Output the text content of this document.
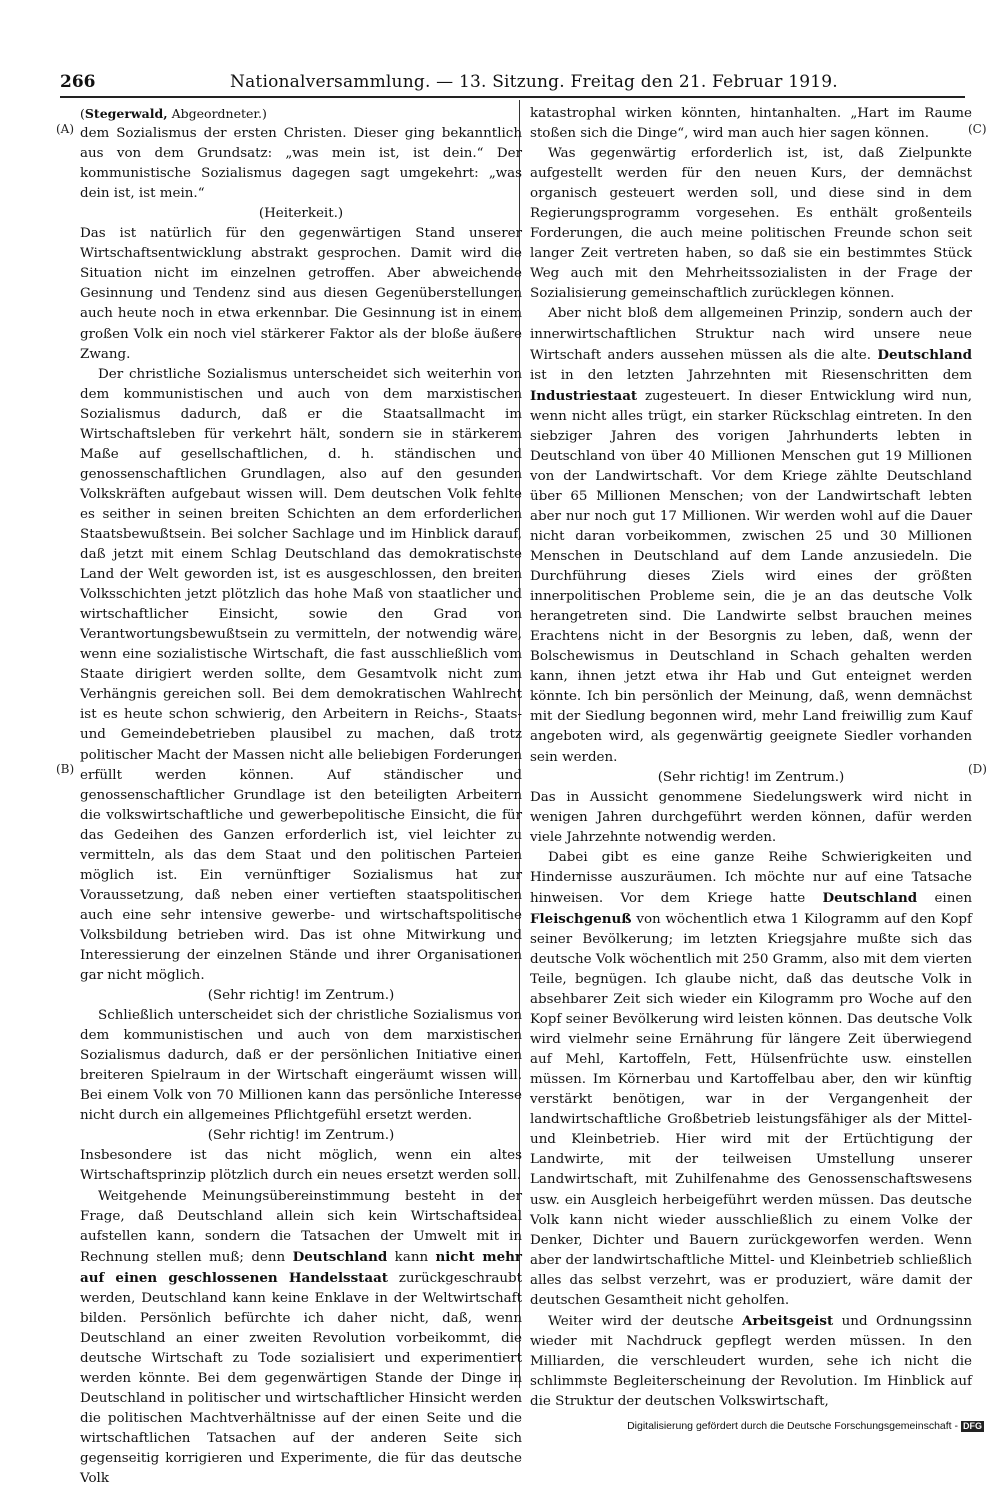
266	Nationalversammlung. — 13. Sitzung. Freitag den 21. Februar 1919.
(A)
(B)
(C)
(D)

(Stegerwald, Abgeordneter.)

dem Sozialismus der ersten Christen. Dieser ging bekanntlich aus von dem Grundsatz: „was mein ist, ist dein.“ Der kommunistische Sozialismus dagegen sagt umgekehrt: „was dein ist, ist mein.“

(Heiterkeit.)

Das ist natürlich für den gegenwärtigen Stand unserer Wirtschaftsentwicklung abstrakt gesprochen. Damit wird die Situation nicht im einzelnen getroffen. Aber abweichende Gesinnung und Tendenz sind aus diesen Gegenüberstellungen auch heute noch in etwa erkennbar. Die Gesinnung ist in einem großen Volk ein noch viel stärkerer Faktor als der bloße äußere Zwang.

Der christliche Sozialismus unterscheidet sich weiterhin von dem kommunistischen und auch von dem marxistischen Sozialismus dadurch, daß er die Staatsallmacht im Wirtschaftsleben für verkehrt hält, sondern sie in stärkerem Maße auf gesellschaftlichen, d. h. ständischen und genossenschaftlichen Grundlagen, also auf den gesunden Volkskräften aufgebaut wissen will. Dem deutschen Volk fehlte es seither in seinen breiten Schichten an dem erforderlichen Staatsbewußtsein. Bei solcher Sachlage und im Hinblick darauf, daß jetzt mit einem Schlag Deutschland das demokratischste Land der Welt geworden ist, ist es ausgeschlossen, den breiten Volksschichten jetzt plötzlich das hohe Maß von staatlicher und wirtschaftlicher Einsicht, sowie den Grad von Verantwortungsbewußtsein zu vermitteln, der notwendig wäre, wenn eine sozialistische Wirtschaft, die fast ausschließlich vom Staate dirigiert werden sollte, dem Gesamtvolk nicht zum Verhängnis gereichen soll. Bei dem demokratischen Wahlrecht ist es heute schon schwierig, den Arbeitern in Reichs-, Staats- und Gemeindebetrieben plausibel zu machen, daß trotz politischer Macht der Massen nicht alle beliebigen Forderungen erfüllt werden können. Auf ständischer und genossenschaftlicher Grundlage ist den beteiligten Arbeitern die volkswirtschaftliche und gewerbepolitische Einsicht, die für das Gedeihen des Ganzen erforderlich ist, viel leichter zu vermitteln, als das dem Staat und den politischen Parteien möglich ist. Ein vernünftiger Sozialismus hat zur Voraussetzung, daß neben einer vertieften staatspolitischen auch eine sehr intensive gewerbe- und wirtschaftspolitische Volksbildung betrieben wird. Das ist ohne Mitwirkung und Interessierung der einzelnen Stände und ihrer Organisationen gar nicht möglich.

(Sehr richtig! im Zentrum.)

Schließlich unterscheidet sich der christliche Sozialismus von dem kommunistischen und auch von dem marxistischen Sozialismus dadurch, daß er der persönlichen Initiative einen breiteren Spielraum in der Wirtschaft eingeräumt wissen will. Bei einem Volk von 70 Millionen kann das persönliche Interesse nicht durch ein allgemeines Pflichtgefühl ersetzt werden.

(Sehr richtig! im Zentrum.)

Insbesondere ist das nicht möglich, wenn ein altes Wirtschaftsprinzip plötzlich durch ein neues ersetzt werden soll.

Weitgehende Meinungsübereinstimmung besteht in der Frage, daß Deutschland allein sich kein Wirtschaftsideal aufstellen kann, sondern die Tatsachen der Umwelt mit in Rechnung stellen muß; denn Deutschland kann nicht mehr auf einen geschlossenen Handelsstaat zurückgeschraubt werden, Deutschland kann keine Enklave in der Weltwirtschaft bilden. Persönlich befürchte ich daher nicht, daß, wenn Deutschland an einer zweiten Revolution vorbeikommt, die deutsche Wirtschaft zu Tode sozialisiert und experimentiert werden könnte. Bei dem gegenwärtigen Stande der Dinge in Deutschland in politischer und wirtschaftlicher Hinsicht werden die politischen Machtverhältnisse auf der einen Seite und die wirtschaftlichen Tatsachen auf der anderen Seite sich gegenseitig korrigieren und Experimente, die für das deutsche Volk

katastrophal wirken könnten, hintanhalten. „Hart im Raume stoßen sich die Dinge“, wird man auch hier sagen können.

Was gegenwärtig erforderlich ist, ist, daß Zielpunkte aufgestellt werden für den neuen Kurs, der demnächst organisch gesteuert werden soll, und diese sind in dem Regierungsprogramm vorgesehen. Es enthält großenteils Forderungen, die auch meine politischen Freunde schon seit langer Zeit vertreten haben, so daß sie ein bestimmtes Stück Weg auch mit den Mehrheitssozialisten in der Frage der Sozialisierung gemeinschaftlich zurücklegen können.

Aber nicht bloß dem allgemeinen Prinzip, sondern auch der innerwirtschaftlichen Struktur nach wird unsere neue Wirtschaft anders aussehen müssen als die alte. Deutschland ist in den letzten Jahrzehnten mit Riesenschritten dem Industriestaat zugesteuert. In dieser Entwicklung wird nun, wenn nicht alles trügt, ein starker Rückschlag eintreten. In den siebziger Jahren des vorigen Jahrhunderts lebten in Deutschland von über 40 Millionen Menschen gut 19 Millionen von der Landwirtschaft. Vor dem Kriege zählte Deutschland über 65 Millionen Menschen; von der Landwirtschaft lebten aber nur noch gut 17 Millionen. Wir werden wohl auf die Dauer nicht daran vorbeikommen, zwischen 25 und 30 Millionen Menschen in Deutschland auf dem Lande anzusiedeln. Die Durchführung dieses Ziels wird eines der größten innerpolitischen Probleme sein, die je an das deutsche Volk herangetreten sind. Die Landwirte selbst brauchen meines Erachtens nicht in der Besorgnis zu leben, daß, wenn der Bolschewismus in Deutschland in Schach gehalten werden kann, ihnen jetzt etwa ihr Hab und Gut enteignet werden könnte. Ich bin persönlich der Meinung, daß, wenn demnächst mit der Siedlung begonnen wird, mehr Land freiwillig zum Kauf angeboten wird, als gegenwärtig geeignete Siedler vorhanden sein werden.

(Sehr richtig! im Zentrum.)

Das in Aussicht genommene Siedelungswerk wird nicht in wenigen Jahren durchgeführt werden können, dafür werden viele Jahrzehnte notwendig werden.

Dabei gibt es eine ganze Reihe Schwierigkeiten und Hindernisse auszuräumen. Ich möchte nur auf eine Tatsache hinweisen. Vor dem Kriege hatte Deutschland einen Fleischgenuß von wöchentlich etwa 1 Kilogramm auf den Kopf seiner Bevölkerung; im letzten Kriegsjahre mußte sich das deutsche Volk wöchentlich mit 250 Gramm, also mit dem vierten Teile, begnügen. Ich glaube nicht, daß das deutsche Volk in absehbarer Zeit sich wieder ein Kilogramm pro Woche auf den Kopf seiner Bevölkerung wird leisten können. Das deutsche Volk wird vielmehr seine Ernährung für längere Zeit überwiegend auf Mehl, Kartoffeln, Fett, Hülsenfrüchte usw. einstellen müssen. Im Körnerbau und Kartoffelbau aber, den wir künftig verstärkt benötigen, war in der Vergangenheit der landwirtschaftliche Großbetrieb leistungsfähiger als der Mittel- und Kleinbetrieb. Hier wird mit der Ertüchtigung der Landwirte, mit der teilweisen Umstellung unserer Landwirtschaft, mit Zuhilfenahme des Genossenschaftswesens usw. ein Ausgleich herbeigeführt werden müssen. Das deutsche Volk kann nicht wieder ausschließlich zu einem Volke der Denker, Dichter und Bauern zurückgeworfen werden. Wenn aber der landwirtschaftliche Mittel- und Kleinbetrieb schließlich alles das selbst verzehrt, was er produziert, wäre damit der deutschen Gesamtheit nicht geholfen.

Weiter wird der deutsche Arbeitsgeist und Ordnungssinn wieder mit Nachdruck gepflegt werden müssen. In den Milliarden, die verschleudert wurden, sehe ich nicht die schlimmste Begleiterscheinung der Revolution. Im Hinblick auf die Struktur der deutschen Volkswirtschaft,

Digitalisierung gefördert durch die Deutsche Forschungsgemeinschaft - DFG
